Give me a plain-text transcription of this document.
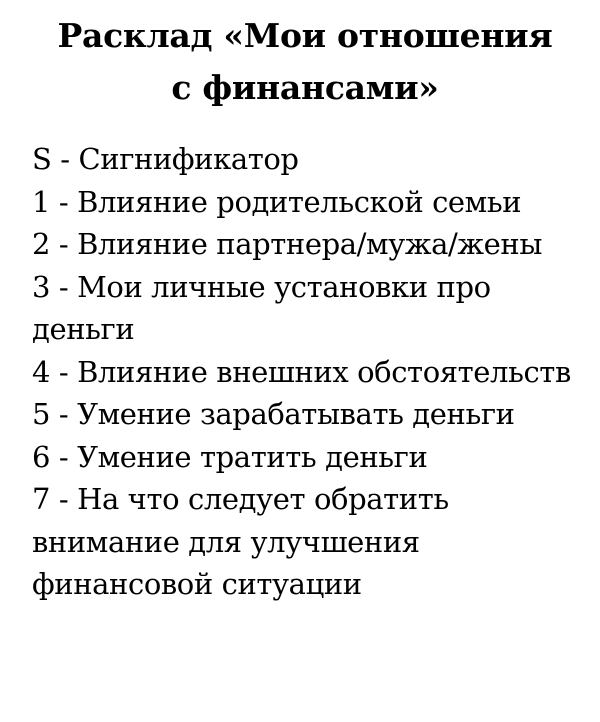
Расклад «Мои отношения
с финансами»
S - Сигнификатор
1 - Влияние родительской семьи
2 - Влияние партнера/мужа/жены
3 - Мои личные установки про деньги
4 - Влияние внешних обстоятельств
5 - Умение зарабатывать деньги
6 - Умение тратить деньги
7 - На что следует обратить внимание для улучшения финансовой ситуации
